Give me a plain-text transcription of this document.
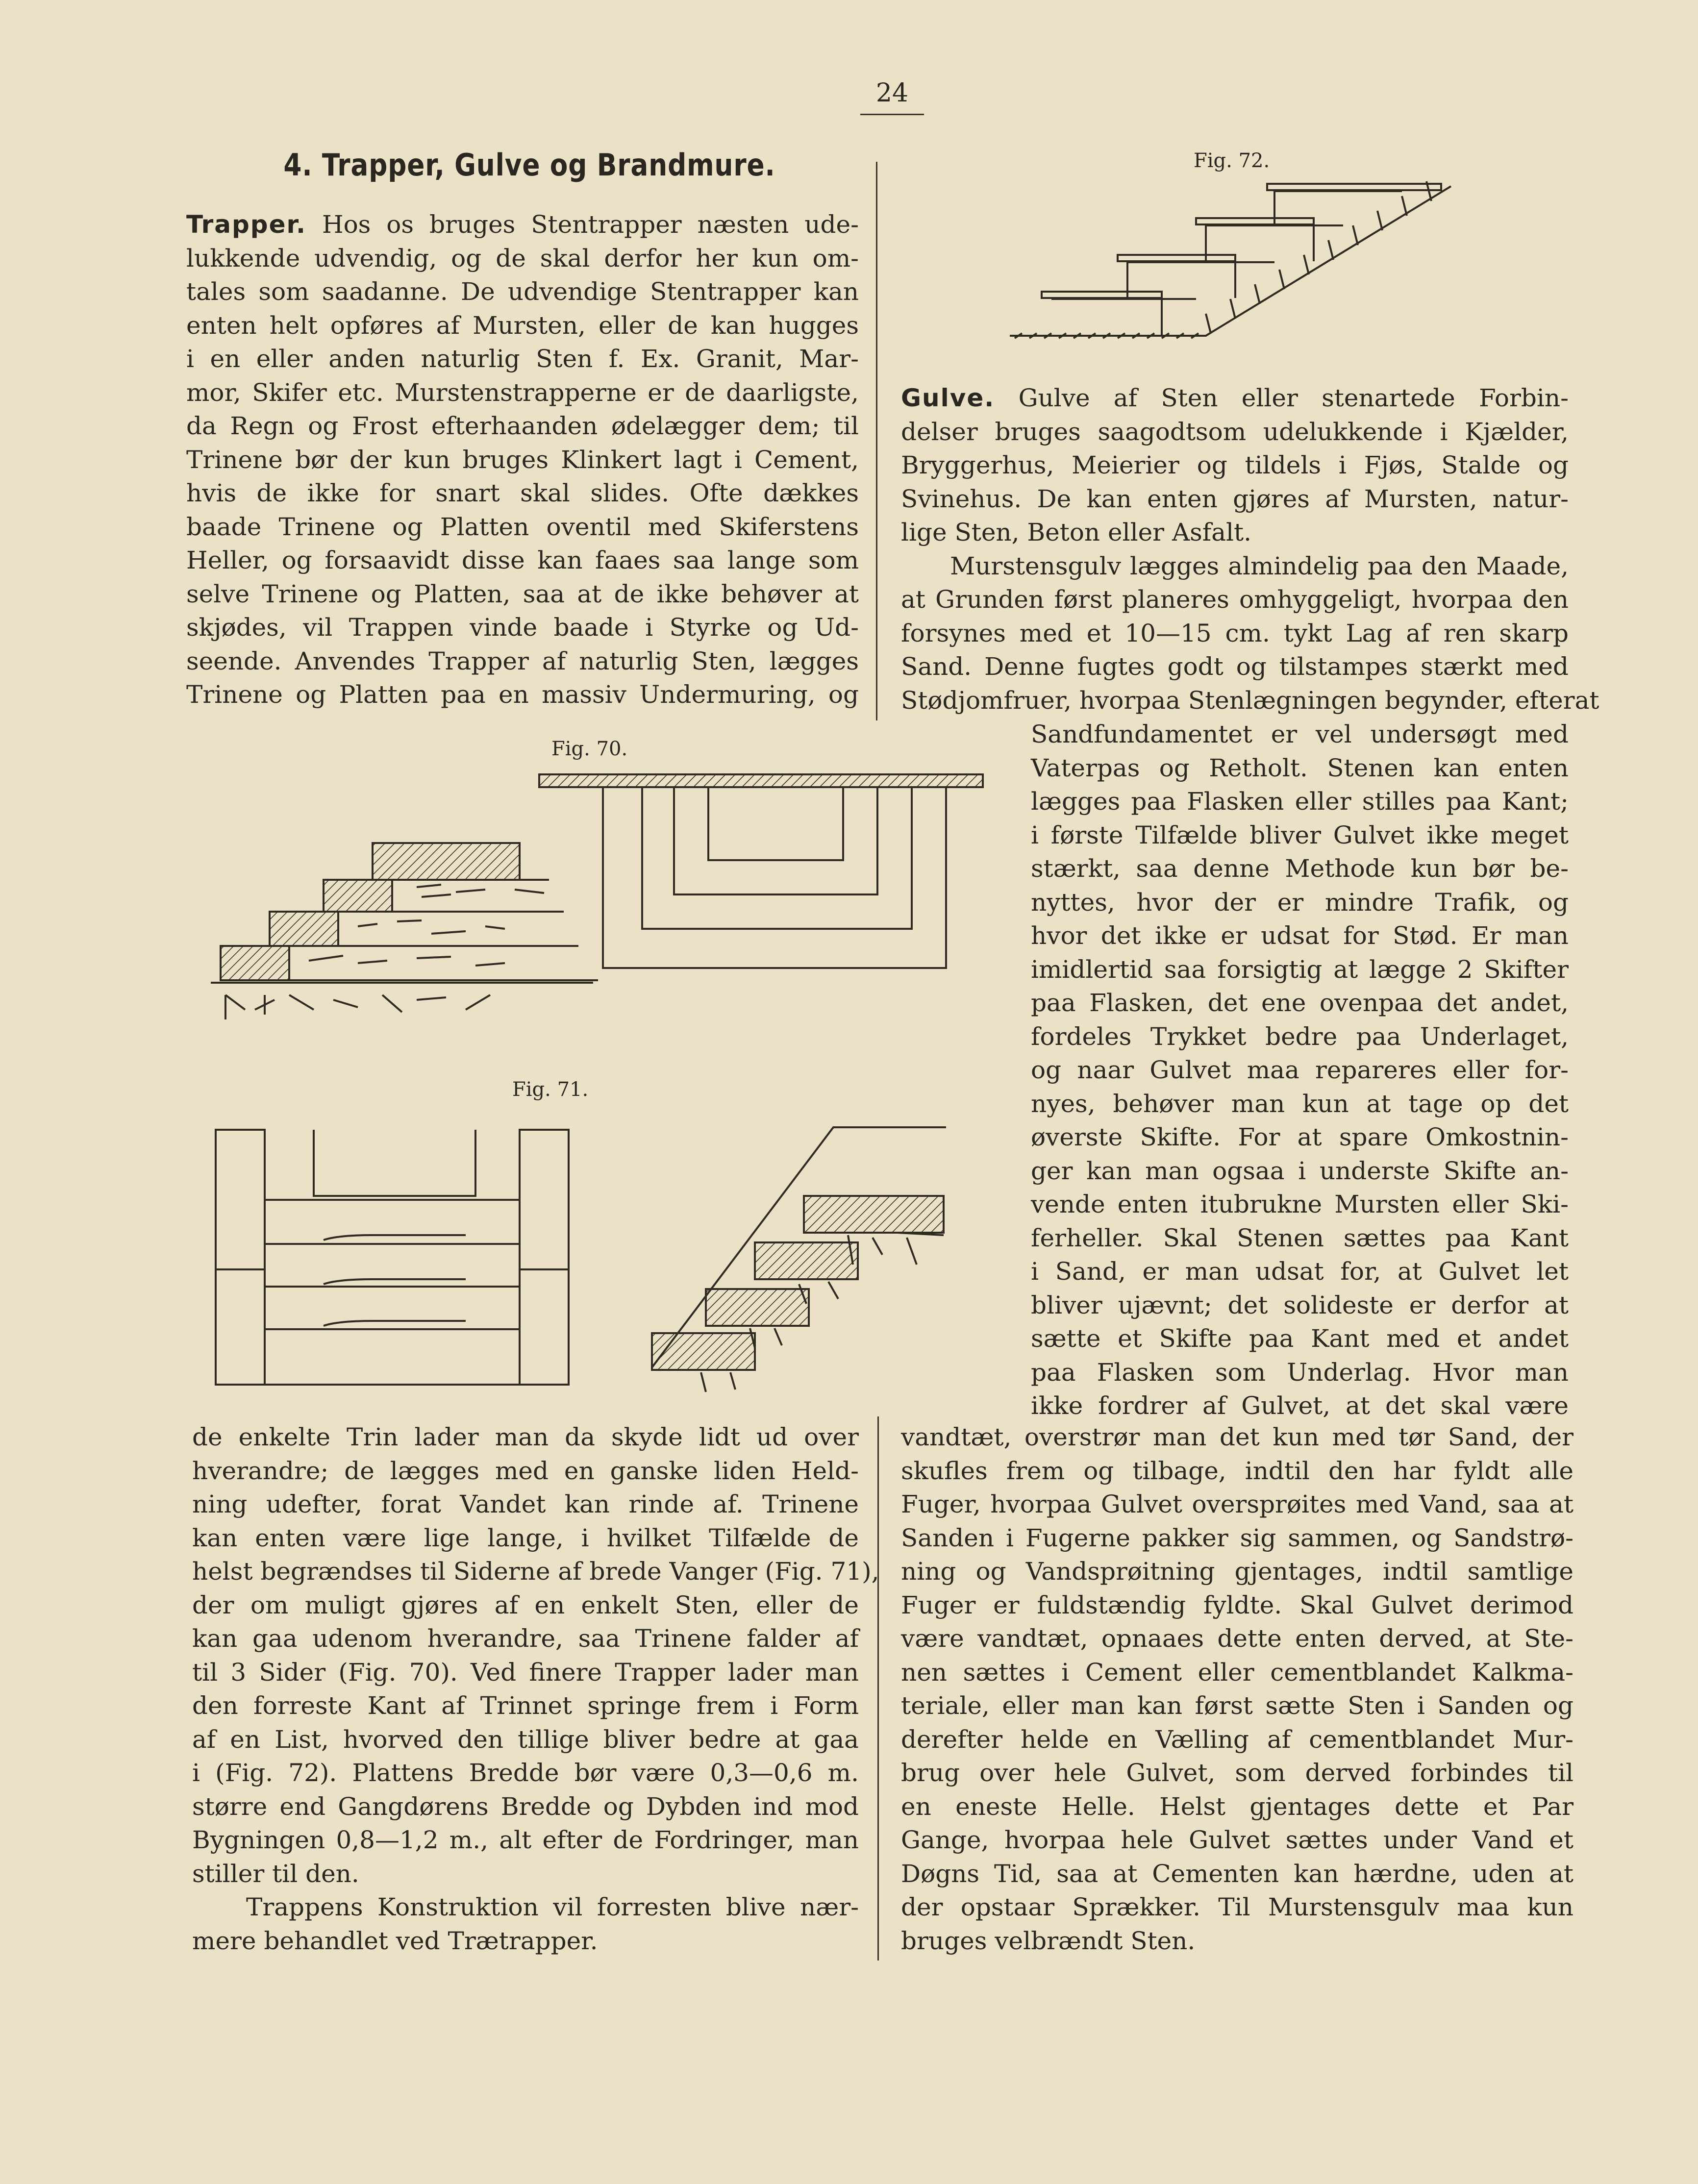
24
4. Trapper, Gulve og Brandmure.
Trapper. Hos os bruges Stentrapper næsten ude-
lukkende udvendig, og de skal derfor her kun om-
tales som saadanne. De udvendige Stentrapper kan
enten helt opføres af Mursten, eller de kan hugges
i en eller anden naturlig Sten f. Ex. Granit, Mar-
mor, Skifer etc. Murstenstrapperne er de daarligste,
da Regn og Frost efterhaanden ødelægger dem; til
Trinene bør der kun bruges Klinkert lagt i Cement,
hvis de ikke for snart skal slides. Ofte dækkes
baade Trinene og Platten oventil med Skiferstens
Heller, og forsaavidt disse kan faaes saa lange som
selve Trinene og Platten, saa at de ikke behøver at
skjødes, vil Trappen vinde baade i Styrke og Ud-
seende. Anvendes Trapper af naturlig Sten, lægges
Trinene og Platten paa en massiv Undermuring, og
Fig. 70.
Fig. 71.
de enkelte Trin lader man da skyde lidt ud over
hverandre; de lægges med en ganske liden Held-
ning udefter, forat Vandet kan rinde af. Trinene
kan enten være lige lange, i hvilket Tilfælde de
helst begrændses til Siderne af brede Vanger (Fig. 71),
der om muligt gjøres af en enkelt Sten, eller de
kan gaa udenom hverandre, saa Trinene falder af
til 3 Sider (Fig. 70). Ved finere Trapper lader man
den forreste Kant af Trinnet springe frem i Form
af en List, hvorved den tillige bliver bedre at gaa
i (Fig. 72). Plattens Bredde bør være 0,3—0,6 m.
større end Gangdørens Bredde og Dybden ind mod
Bygningen 0,8—1,2 m., alt efter de Fordringer, man
stiller til den.
Trappens Konstruktion vil forresten blive nær-
mere behandlet ved Trætrapper.
Fig. 72.
Gulve. Gulve af Sten eller stenartede Forbin-
delser bruges saagodtsom udelukkende i Kjælder,
Bryggerhus, Meierier og tildels i Fjøs, Stalde og
Svinehus. De kan enten gjøres af Mursten, natur-
lige Sten, Beton eller Asfalt.
Murstensgulv lægges almindelig paa den Maade,
at Grunden først planeres omhyggeligt, hvorpaa den
forsynes med et 10—15 cm. tykt Lag af ren skarp
Sand. Denne fugtes godt og tilstampes stærkt med
Stødjomfruer, hvorpaa Stenlægningen begynder, efterat
Sandfundamentet er vel undersøgt med
Vaterpas og Retholt. Stenen kan enten
lægges paa Flasken eller stilles paa Kant;
i første Tilfælde bliver Gulvet ikke meget
stærkt, saa denne Methode kun bør be-
nyttes, hvor der er mindre Trafik, og
hvor det ikke er udsat for Stød. Er man
imidlertid saa forsigtig at lægge 2 Skifter
paa Flasken, det ene ovenpaa det andet,
fordeles Trykket bedre paa Underlaget,
og naar Gulvet maa repareres eller for-
nyes, behøver man kun at tage op det
øverste Skifte. For at spare Omkostnin-
ger kan man ogsaa i underste Skifte an-
vende enten itubrukne Mursten eller Ski-
ferheller. Skal Stenen sættes paa Kant
i Sand, er man udsat for, at Gulvet let
bliver ujævnt; det solideste er derfor at
sætte et Skifte paa Kant med et andet
paa Flasken som Underlag. Hvor man
ikke fordrer af Gulvet, at det skal være
vandtæt, overstrør man det kun med tør Sand, der
skufles frem og tilbage, indtil den har fyldt alle
Fuger, hvorpaa Gulvet oversprøites med Vand, saa at
Sanden i Fugerne pakker sig sammen, og Sandstrø-
ning og Vandsprøitning gjentages, indtil samtlige
Fuger er fuldstændig fyldte. Skal Gulvet derimod
være vandtæt, opnaaes dette enten derved, at Ste-
nen sættes i Cement eller cementblandet Kalkma-
teriale, eller man kan først sætte Sten i Sanden og
derefter helde en Vælling af cementblandet Mur-
brug over hele Gulvet, som derved forbindes til
en eneste Helle. Helst gjentages dette et Par
Gange, hvorpaa hele Gulvet sættes under Vand et
Døgns Tid, saa at Cementen kan hærdne, uden at
der opstaar Sprækker. Til Murstensgulv maa kun
bruges velbrændt Sten.
